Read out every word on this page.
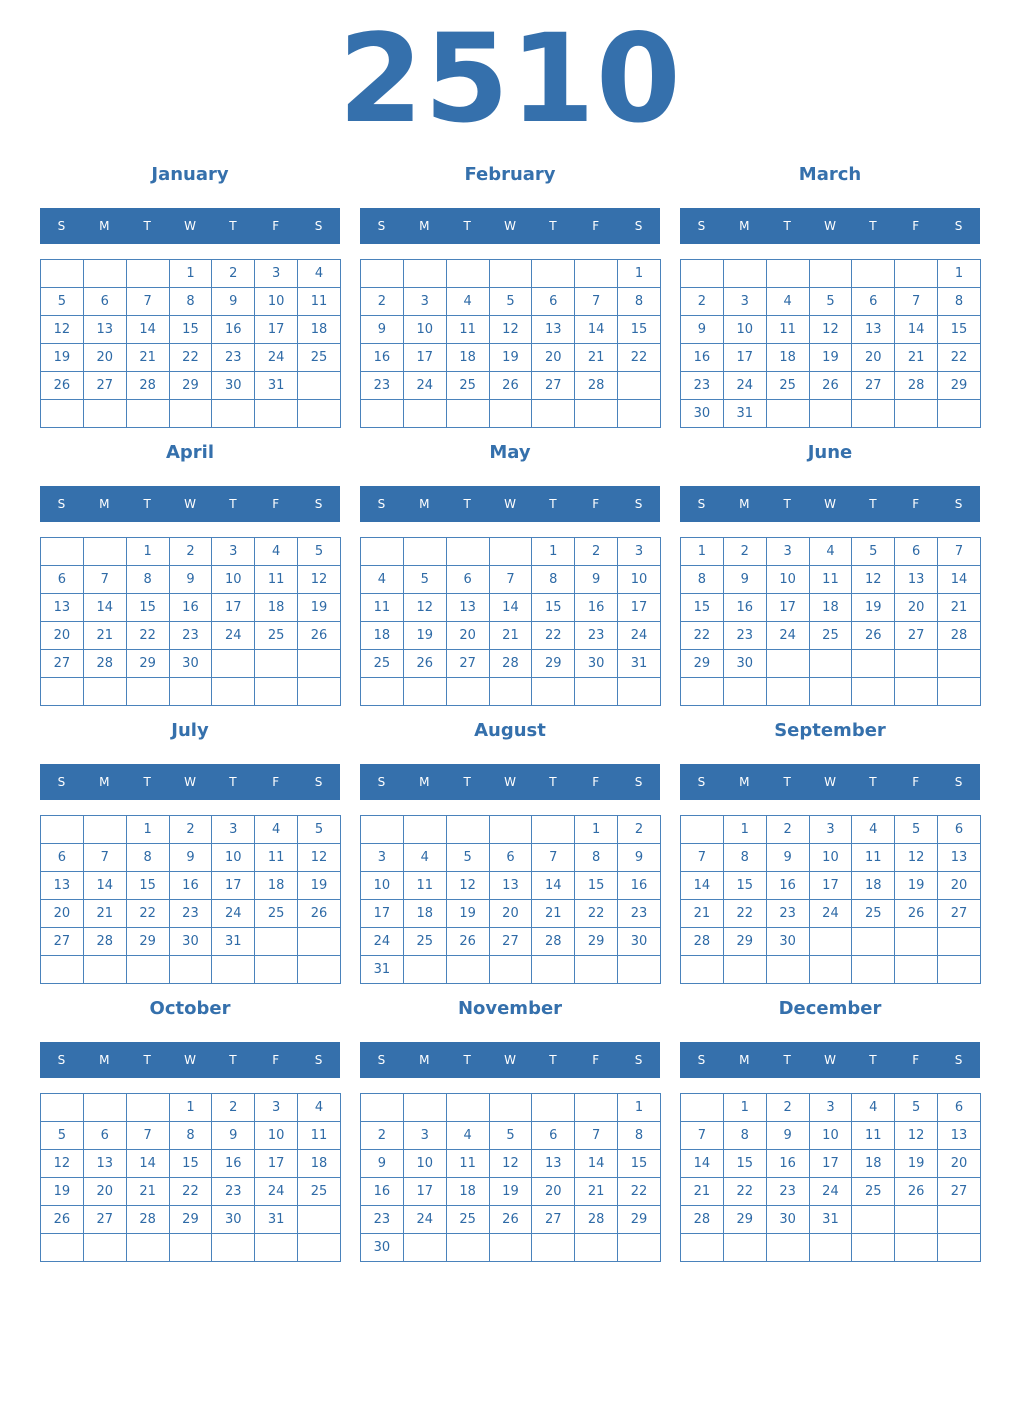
2510
January
S	M	T	W	T	F	S
			1	2	3	4
5	6	7	8	9	10	11
12	13	14	15	16	17	18
19	20	21	22	23	24	25
26	27	28	29	30	31	

February
S	M	T	W	T	F	S
						1
2	3	4	5	6	7	8
9	10	11	12	13	14	15
16	17	18	19	20	21	22
23	24	25	26	27	28	

March
S	M	T	W	T	F	S
						1
2	3	4	5	6	7	8
9	10	11	12	13	14	15
16	17	18	19	20	21	22
23	24	25	26	27	28	29
30	31					
April
S	M	T	W	T	F	S
		1	2	3	4	5
6	7	8	9	10	11	12
13	14	15	16	17	18	19
20	21	22	23	24	25	26
27	28	29	30			

May
S	M	T	W	T	F	S
				1	2	3
4	5	6	7	8	9	10
11	12	13	14	15	16	17
18	19	20	21	22	23	24
25	26	27	28	29	30	31

June
S	M	T	W	T	F	S
1	2	3	4	5	6	7
8	9	10	11	12	13	14
15	16	17	18	19	20	21
22	23	24	25	26	27	28
29	30					

July
S	M	T	W	T	F	S
		1	2	3	4	5
6	7	8	9	10	11	12
13	14	15	16	17	18	19
20	21	22	23	24	25	26
27	28	29	30	31		

August
S	M	T	W	T	F	S
					1	2
3	4	5	6	7	8	9
10	11	12	13	14	15	16
17	18	19	20	21	22	23
24	25	26	27	28	29	30
31						
September
S	M	T	W	T	F	S
	1	2	3	4	5	6
7	8	9	10	11	12	13
14	15	16	17	18	19	20
21	22	23	24	25	26	27
28	29	30				

October
S	M	T	W	T	F	S
			1	2	3	4
5	6	7	8	9	10	11
12	13	14	15	16	17	18
19	20	21	22	23	24	25
26	27	28	29	30	31	

November
S	M	T	W	T	F	S
						1
2	3	4	5	6	7	8
9	10	11	12	13	14	15
16	17	18	19	20	21	22
23	24	25	26	27	28	29
30						
December
S	M	T	W	T	F	S
	1	2	3	4	5	6
7	8	9	10	11	12	13
14	15	16	17	18	19	20
21	22	23	24	25	26	27
28	29	30	31			
